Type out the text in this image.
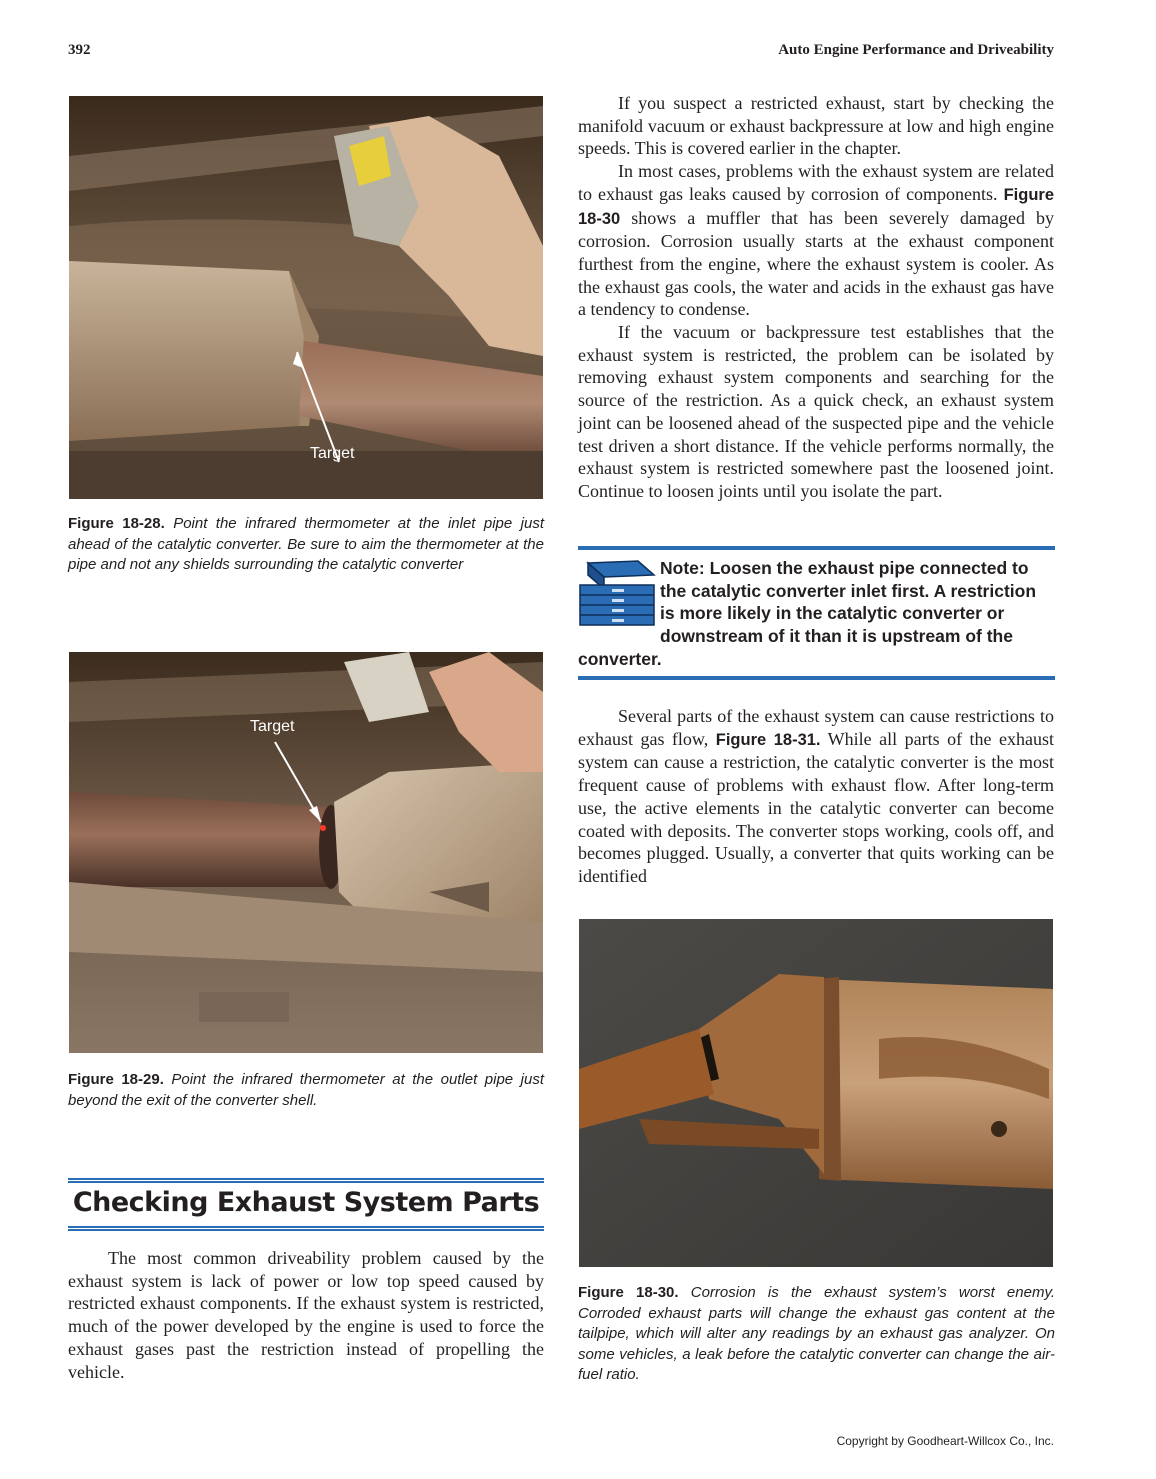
392	Auto Engine Performance and Driveability
Target
Figure 18-28. Point the infrared thermometer at the inlet pipe just ahead of the catalytic converter. Be sure to aim the thermometer at the pipe and not any shields surrounding the catalytic converter
Target
Figure 18-29. Point the infrared thermometer at the outlet pipe just beyond the exit of the converter shell.
Checking Exhaust System Parts

The most common driveability problem caused by the exhaust system is lack of power or low top speed caused by restricted exhaust components. If the exhaust system is restricted, much of the power developed by the engine is used to force the exhaust gases past the restriction instead of propelling the vehicle.

If you suspect a restricted exhaust, start by checking the manifold vacuum or exhaust backpressure at low and high engine speeds. This is covered earlier in the chapter.

In most cases, problems with the exhaust system are related to exhaust gas leaks caused by corrosion of components. Figure 18-30 shows a muffler that has been severely damaged by corrosion. Corrosion usually starts at the exhaust component furthest from the engine, where the exhaust system is cooler. As the exhaust gas cools, the water and acids in the exhaust gas have a tendency to condense.

If the vacuum or backpressure test establishes that the exhaust system is restricted, the problem can be isolated by removing exhaust system components and searching for the source of the restriction. As a quick check, an exhaust system joint can be loosened ahead of the suspected pipe and the vehicle test driven a short distance. If the vehicle performs normally, the exhaust system is restricted somewhere past the loosened joint. Continue to loosen joints until you isolate the part.

Note: Loosen the exhaust pipe connected to the catalytic converter inlet first. A restriction is more likely in the catalytic converter or downstream of it than it is upstream of the converter.

Several parts of the exhaust system can cause restrictions to exhaust gas flow, Figure 18-31. While all parts of the exhaust system can cause a restriction, the catalytic converter is the most frequent cause of problems with exhaust flow. After long-term use, the active elements in the catalytic converter can become coated with deposits. The converter stops working, cools off, and becomes plugged. Usually, a converter that quits working can be identified

Figure 18-30. Corrosion is the exhaust system’s worst enemy. Corroded exhaust parts will change the exhaust gas content at the tailpipe, which will alter any readings by an exhaust gas analyzer. On some vehicles, a leak before the catalytic converter can change the air-fuel ratio.
Copyright by Goodheart-Willcox Co., Inc.
